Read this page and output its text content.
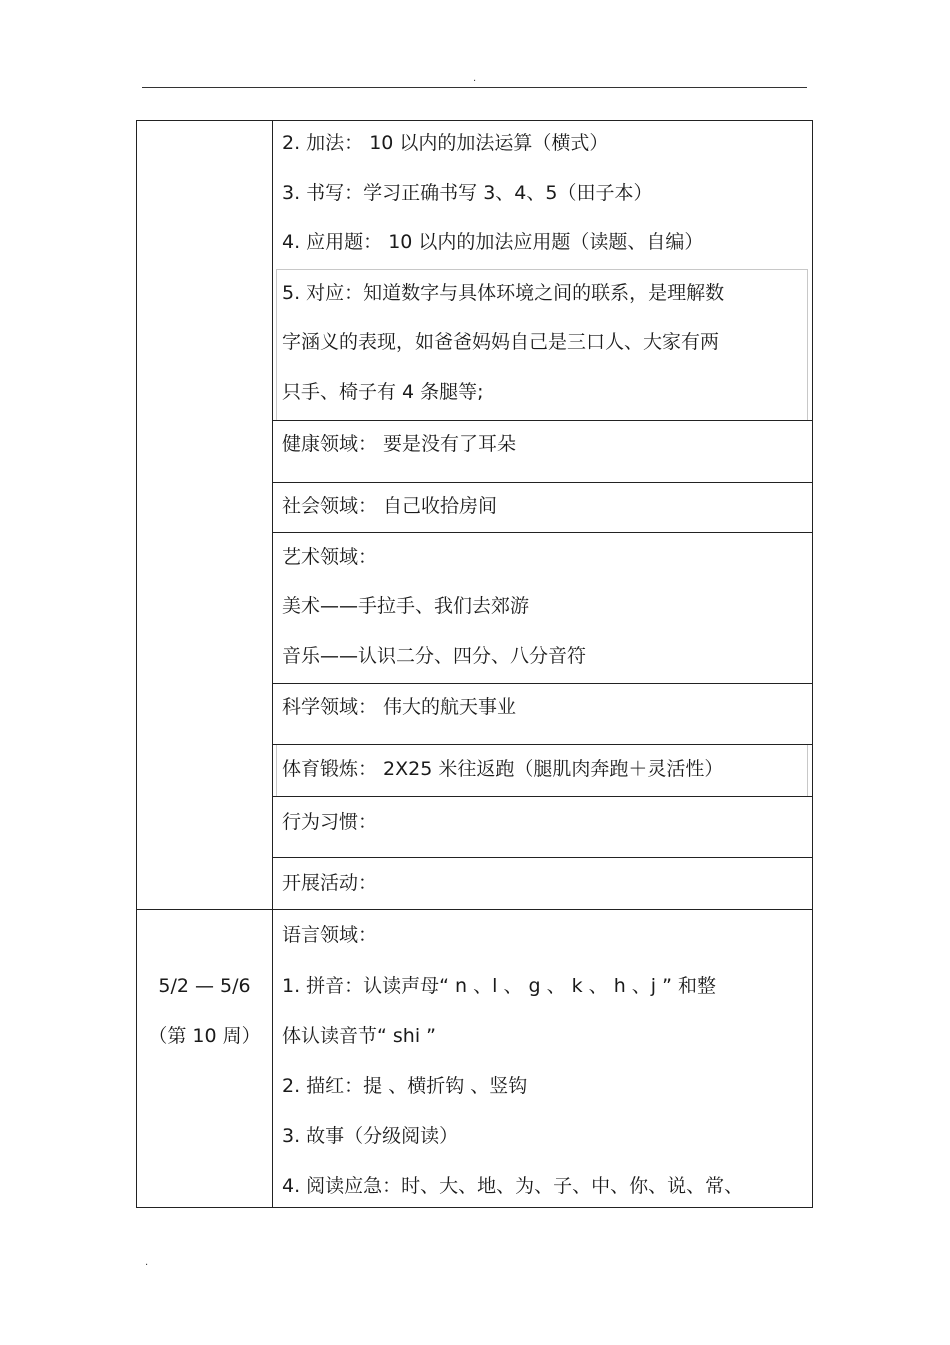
.
2. 加法： 10 以内的加法运算（横式）
3. 书写：学习正确书写 3、4、5（田子本）
4. 应用题： 10 以内的加法应用题（读题、自编）
5. 对应：知道数字与具体环境之间的联系，是理解数
字涵义的表现，如爸爸妈妈自己是三口人、大家有两
只手、椅子有 4 条腿等;
健康领域： 要是没有了耳朵
社会领域： 自己收拾房间
艺术领域：
美术——手拉手、我们去郊游
音乐——认识二分、四分、八分音符
科学领域： 伟大的航天事业
体育锻炼： 2X25 米往返跑（腿肌肉奔跑＋灵活性）
行为习惯：
开展活动：
5/2 — 5/6
（第 10 周）
语言领域：
1. 拼音：认读声母“ n 、l 、 g 、 k 、 h 、j ” 和整
体认读音节“ shi ”
2. 描红：提 、横折钩 、竖钩
3. 故事（分级阅读）
4. 阅读应急：时、大、地、为、子、中、你、说、常、
.
